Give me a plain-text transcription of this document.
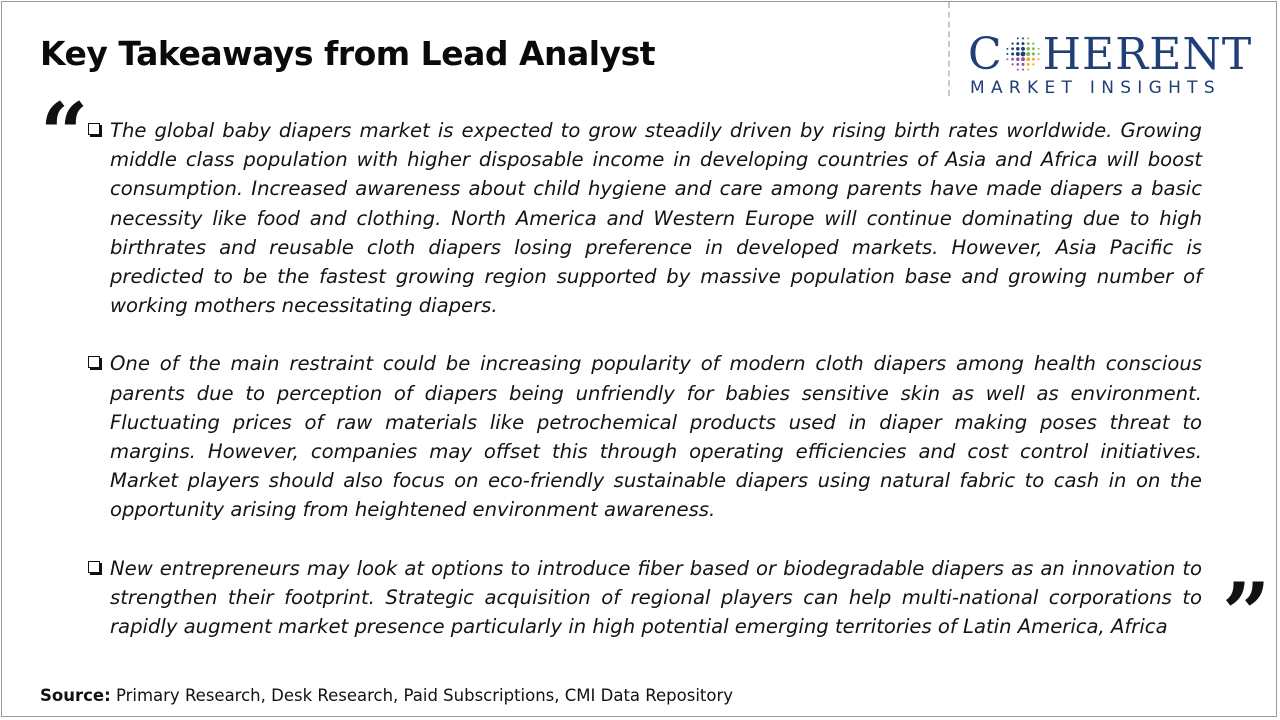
Key Takeaways from Lead Analyst	C HERENT
MARKET INSIGHTS
“ The global baby diapers market is expected to grow steadily driven by rising birth rates worldwide. Growing middle class population with higher disposable income in developing countries of Asia and Africa will boost consumption. Increased awareness about child hygiene and care among parents have made diapers a basic necessity like food and clothing. North America and Western Europe will continue dominating due to high birthrates and reusable cloth diapers losing preference in developed markets. However, Asia Pacific is predicted to be the fastest growing region supported by massive population base and growing number of working mothers necessitating diapers.
One of the main restraint could be increasing popularity of modern cloth diapers among health conscious parents due to perception of diapers being unfriendly for babies sensitive skin as well as environment. Fluctuating prices of raw materials like petrochemical products used in diaper making poses threat to margins. However, companies may offset this through operating efficiencies and cost control initiatives. Market players should also focus on eco-friendly sustainable diapers using natural fabric to cash in on the opportunity arising from heightened environment awareness.
New entrepreneurs may look at options to introduce fiber based or biodegradable diapers as an innovation to strengthen their footprint. Strategic acquisition of regional players can help multi-national corporations to rapidly augment market presence particularly in high potential emerging territories of Latin America, Africa ”
Source: Primary Research, Desk Research, Paid Subscriptions, CMI Data Repository
